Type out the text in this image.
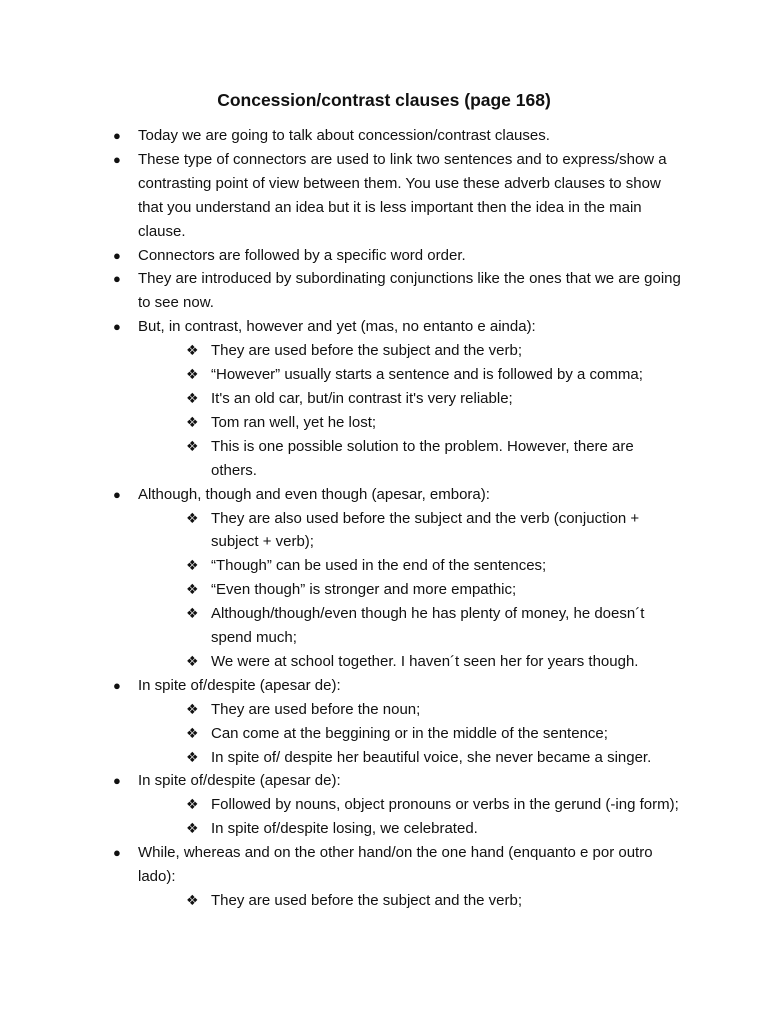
Concession/contrast clauses (page 168)
● Today we are going to talk about concession/contrast clauses.
● These type of connectors are used to link two sentences and to express/show a contrasting point of view between them. You use these adverb clauses to show that you understand an idea but it is less important then the idea in the main clause.
● Connectors are followed by a specific word order.
● They are introduced by subordinating conjunctions like the ones that we are going to see now.
● But, in contrast, however and yet (mas, no entanto e ainda):
❖ They are used before the subject and the verb;
❖ “However” usually starts a sentence and is followed by a comma;
❖ It's an old car, but/in contrast it's very reliable;
❖ Tom ran well, yet he lost;
❖ This is one possible solution to the problem. However, there are others.
● Although, though and even though (apesar, embora):
❖ They are also used before the subject and the verb (conjuction + subject + verb);
❖ “Though” can be used in the end of the sentences;
❖ “Even though” is stronger and more empathic;
❖ Although/though/even though he has plenty of money, he doesn´t spend much;
❖ We were at school together. I haven´t seen her for years though.
● In spite of/despite (apesar de):
❖ They are used before the noun;
❖ Can come at the beggining or in the middle of the sentence;
❖ In spite of/ despite her beautiful voice, she never became a singer.
● In spite of/despite (apesar de):
❖ Followed by nouns, object pronouns or verbs in the gerund (-ing form);
❖ In spite of/despite losing, we celebrated.
● While, whereas and on the other hand/on the one hand (enquanto e por outro lado):
❖ They are used before the subject and the verb;
